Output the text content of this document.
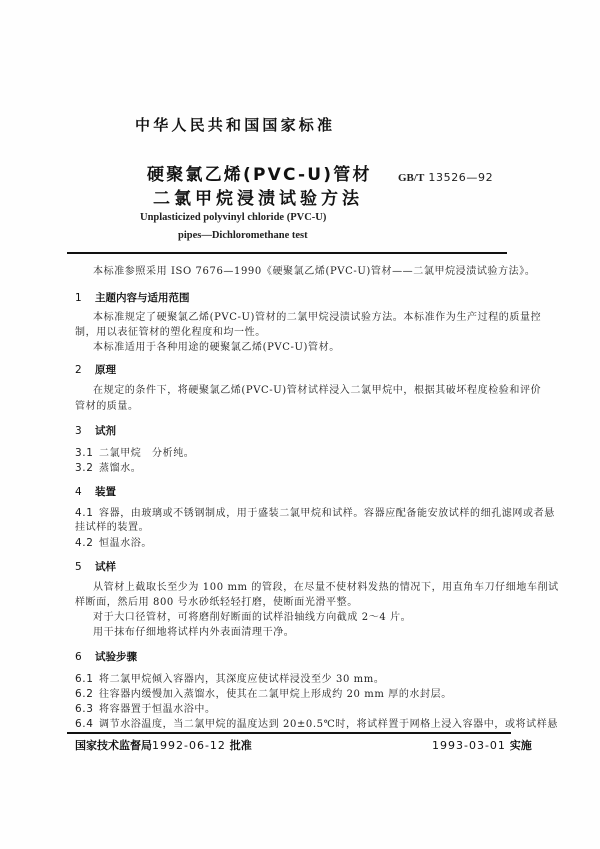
中华人民共和国国家标准
硬聚氯乙烯(PVC-U)管材
二氯甲烷浸渍试验方法
GB/T 13526—92
Unplasticized polyvinyl chloride (PVC-U)
pipes—Dichloromethane test
本标准参照采用 ISO 7676—1990《硬聚氯乙烯(PVC-U)管材——二氯甲烷浸渍试验方法》。
1 主题内容与适用范围
本标准规定了硬聚氯乙烯(PVC-U)管材的二氯甲烷浸渍试验方法。本标准作为生产过程的质量控
制，用以表征管材的塑化程度和均一性。
本标准适用于各种用途的硬聚氯乙烯(PVC-U)管材。
2 原理
在规定的条件下，将硬聚氯乙烯(PVC-U)管材试样浸入二氯甲烷中，根据其破坏程度检验和评价
管材的质量。
3 试剂
3.1 二氯甲烷　分析纯。
3.2 蒸馏水。
4 装置
4.1 容器，由玻璃或不锈钢制成，用于盛装二氯甲烷和试样。容器应配备能安放试样的细孔滤网或者悬
挂试样的装置。
4.2 恒温水浴。
5 试样
从管材上截取长至少为 100 mm 的管段，在尽量不使材料发热的情况下，用直角车刀仔细地车削试
样断面，然后用 800 号水砂纸轻轻打磨，使断面光滑平整。
对于大口径管材，可将磨削好断面的试样沿轴线方向截成 2～4 片。
用干抹布仔细地将试样内外表面清理干净。
6 试验步骤
6.1 将二氯甲烷倾入容器内，其深度应使试样浸没至少 30 mm。
6.2 往容器内缓慢加入蒸馏水，使其在二氯甲烷上形成约 20 mm 厚的水封层。
6.3 将容器置于恒温水浴中。
6.4 调节水浴温度，当二氯甲烷的温度达到 20±0.5℃时，将试样置于网格上浸入容器中，或将试样悬
国家技术监督局1992-06-12 批准	1993-03-01 实施
